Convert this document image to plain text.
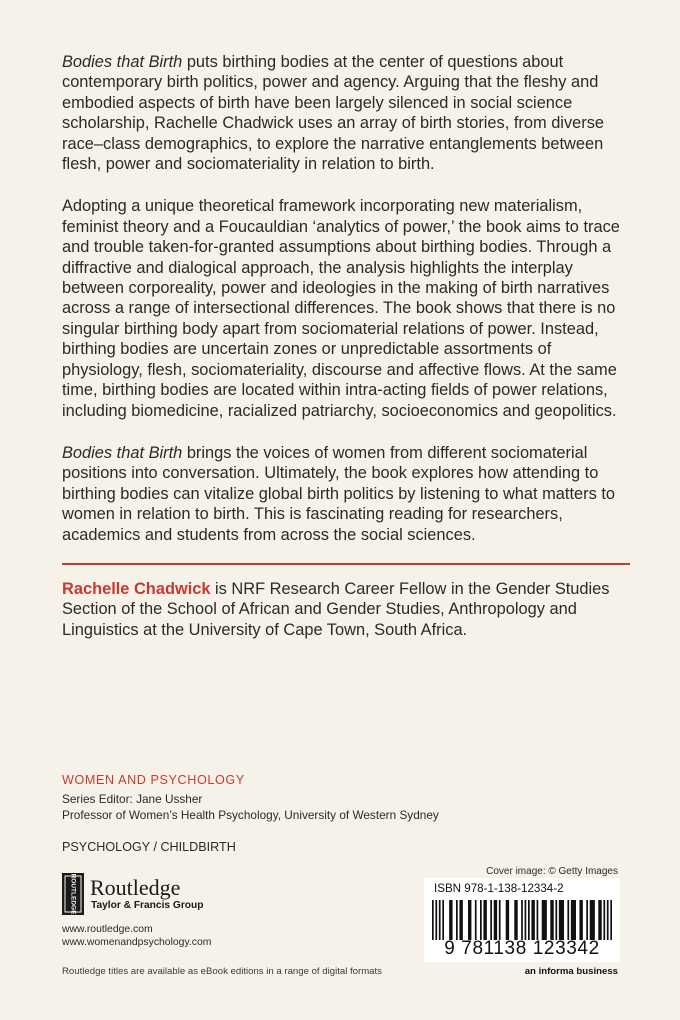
Bodies that Birth puts birthing bodies at the center of questions about contemporary birth politics, power and agency. Arguing that the fleshy and embodied aspects of birth have been largely silenced in social science scholarship, Rachelle Chadwick uses an array of birth stories, from diverse race–class demographics, to explore the narrative entanglements between flesh, power and sociomateriality in relation to birth.

Adopting a unique theoretical framework incorporating new materialism, feminist theory and a Foucauldian ‘analytics of power,’ the book aims to trace and trouble taken-for-granted assumptions about birthing bodies. Through a diffractive and dialogical approach, the analysis highlights the interplay between corporeality, power and ideologies in the making of birth narratives across a range of intersectional differences. The book shows that there is no singular birthing body apart from sociomaterial relations of power. Instead, birthing bodies are uncertain zones or unpredictable assortments of physiology, flesh, sociomateriality, discourse and affective flows. At the same time, birthing bodies are located within intra-acting fields of power relations, including biomedicine, racialized patriarchy, socioeconomics and geopolitics.

Bodies that Birth brings the voices of women from different sociomaterial positions into conversation. Ultimately, the book explores how attending to birthing bodies can vitalize global birth politics by listening to what matters to women in relation to birth. This is fascinating reading for researchers, academics and students from across the social sciences.

Rachelle Chadwick is NRF Research Career Fellow in the Gender Studies Section of the School of African and Gender Studies, Anthropology and Linguistics at the University of Cape Town, South Africa.
WOMEN AND PSYCHOLOGY
Series Editor: Jane Ussher
Professor of Women’s Health Psychology, University of Western Sydney
PSYCHOLOGY / CHILDBIRTH
ROUTLEDGE Routledge
Taylor & Francis Group
www.routledge.com
www.womenandpsychology.com
Routledge titles are available as eBook editions in a range of digital formats
Cover image: © Getty Images
ISBN 978-1-138-12334-2
9 781138 123342
an informa business
